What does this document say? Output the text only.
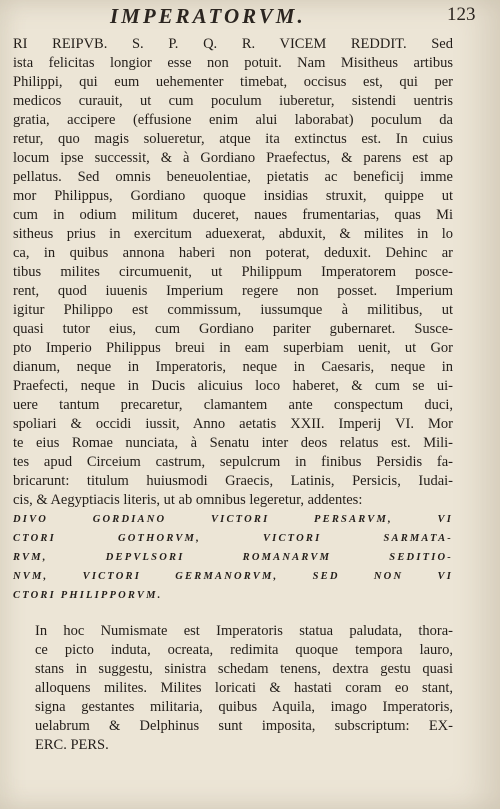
IMPERATORVM.	123
RI REIPVB. S. P. Q. R. VICEM REDDIT. Sed
ista felicitas longior esse non potuit. Nam Misitheus artibus
Philippi, qui eum uehementer timebat, occisus est, qui per
medicos curauit, ut cum poculum iuberetur, sistendi uentris
gratia, accipere (effusione enim alui laborabat) poculum da
retur, quo magis solueretur, atque ita extinctus est. In cuius
locum ipse successit, & à Gordiano Praefectus, & parens est ap
pellatus. Sed omnis beneuolentiae, pietatis ac beneficij imme
mor Philippus, Gordiano quoque insidias struxit, quippe ut
cum in odium militum duceret, naues frumentarias, quas Mi
sitheus prius in exercitum aduexerat, abduxit, & milites in lo
ca, in quibus annona haberi non poterat, deduxit. Dehinc ar
tibus milites circumuenit, ut Philippum Imperatorem posce-
rent, quod iuuenis Imperium regere non posset. Imperium
igitur Philippo est commissum, iussumque à militibus, ut
quasi tutor eius, cum Gordiano pariter gubernaret. Susce-
pto Imperio Philippus breui in eam superbiam uenit, ut Gor
dianum, neque in Imperatoris, neque in Caesaris, neque in
Praefecti, neque in Ducis alicuius loco haberet, & cum se ui-
uere tantum precaretur, clamantem ante conspectum duci,
spoliari & occidi iussit, Anno aetatis XXII. Imperij VI. Mor
te eius Romae nunciata, à Senatu inter deos relatus est. Mili-
tes apud Circeium castrum, sepulcrum in finibus Persidis fa-
bricarunt: titulum huiusmodi Graecis, Latinis, Persicis, Iudai-
cis, & Aegyptiacis literis, ut ab omnibus legeretur, addentes:
DIVO GORDIANO VICTORI PERSARVM, VI
CTORI GOTHORVM, VICTORI SARMATA-
RVM, DEPVLSORI ROMANARVM SEDITIO-
NVM, VICTORI GERMANORVM, SED NON VI
CTORI PHILIPPORVM.
In hoc Numismate est Imperatoris statua paludata, thora-
ce picto induta, ocreata, redimita quoque tempora lauro,
stans in suggestu, sinistra schedam tenens, dextra gestu quasi
alloquens milites. Milites loricati & hastati coram eo stant,
signa gestantes militaria, quibus Aquila, imago Imperatoris,
uelabrum & Delphinus sunt imposita, subscriptum: EX-
ERC. PERS.
